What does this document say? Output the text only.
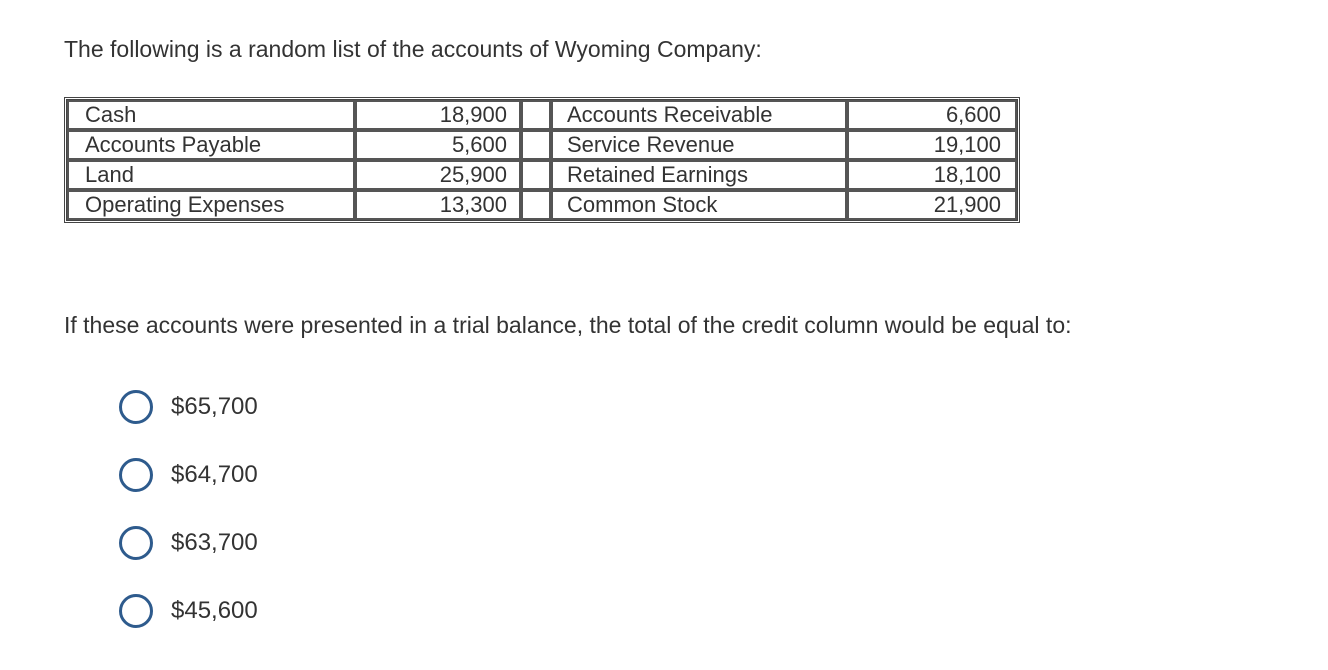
The following is a random list of the accounts of Wyoming Company:

Cash	18,900		Accounts Receivable	6,600
Accounts Payable	5,600		Service Revenue	19,100
Land	25,900		Retained Earnings	18,100
Operating Expenses	13,300		Common Stock	21,900

If these accounts were presented in a trial balance, the total of the credit column would be equal to:

$65,700
$64,700
$63,700
$45,600
